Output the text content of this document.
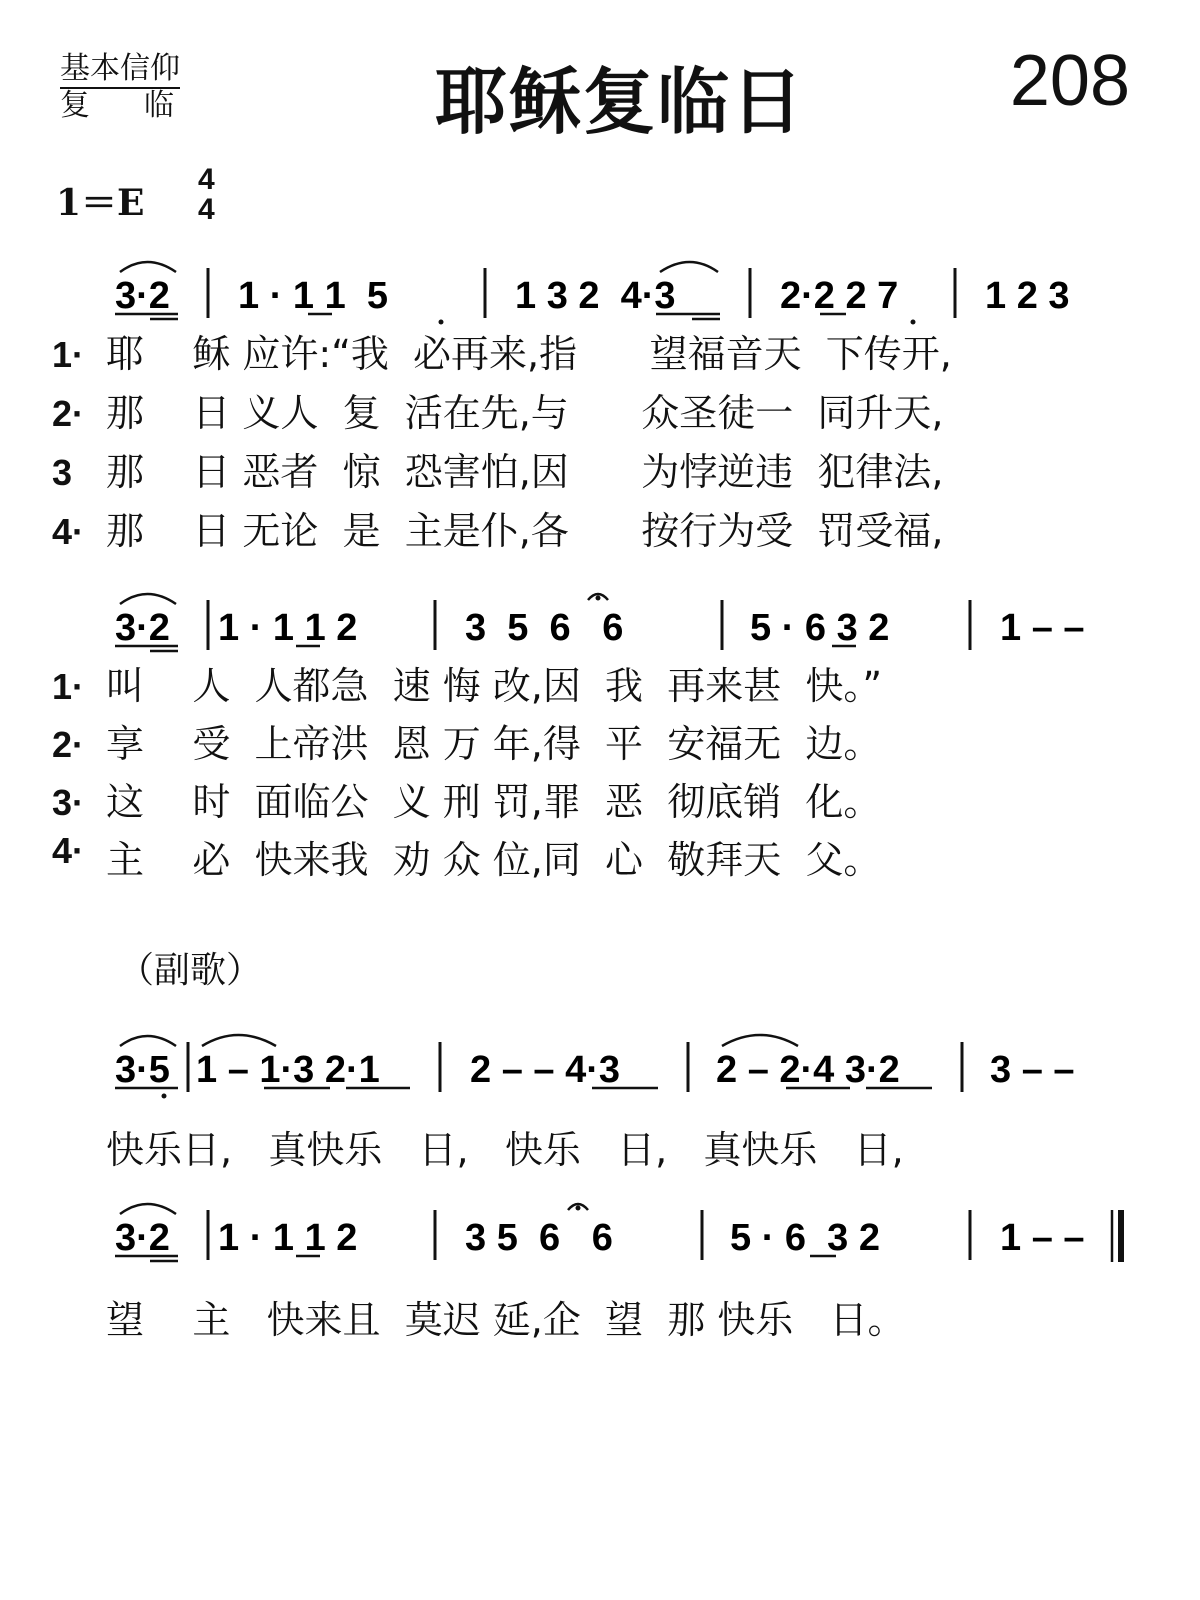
基本信仰
复临	耶稣复临日	208
1＝E
4
4
3·2 1 · 1 1  5	1 3 2  4·3	2·2 2 7 1 2 3
3·2 1 · 1 1 2	3  5  6   6	5 · 6 3 2	1 – –
3·5 1 – 1·3 2·1 2 – – 4·3	2 – 2·4 3·2 3 – –
3·2 1 · 1 1 2	3 5  6   6	5 · 6  3 2	1 – –
1· 耶    稣 应许:“我  必再来,指      望福音天  下传开,
2· 那    日 义人  复  活在先,与      众圣徒一  同升天,
3 那    日 恶者  惊  恐害怕,因      为悖逆违  犯律法,
4· 那    日 无论  是  主是仆,各      按行为受  罚受福,
1· 叫    人  人都急  速 悔 改,因  我  再来甚  快。”
2· 享    受  上帝洪  恩 万 年,得  平  安福无  边。
3· 这    时  面临公  义 刑 罚,罪  恶  彻底销  化。
4· 主    必  快来我  劝 众 位,同  心  敬拜天  父。
（副歌）
快乐日,   真快乐   日,   快乐   日,   真快乐   日,
望    主   快来且  莫迟 延,企  望  那 快乐   日。
